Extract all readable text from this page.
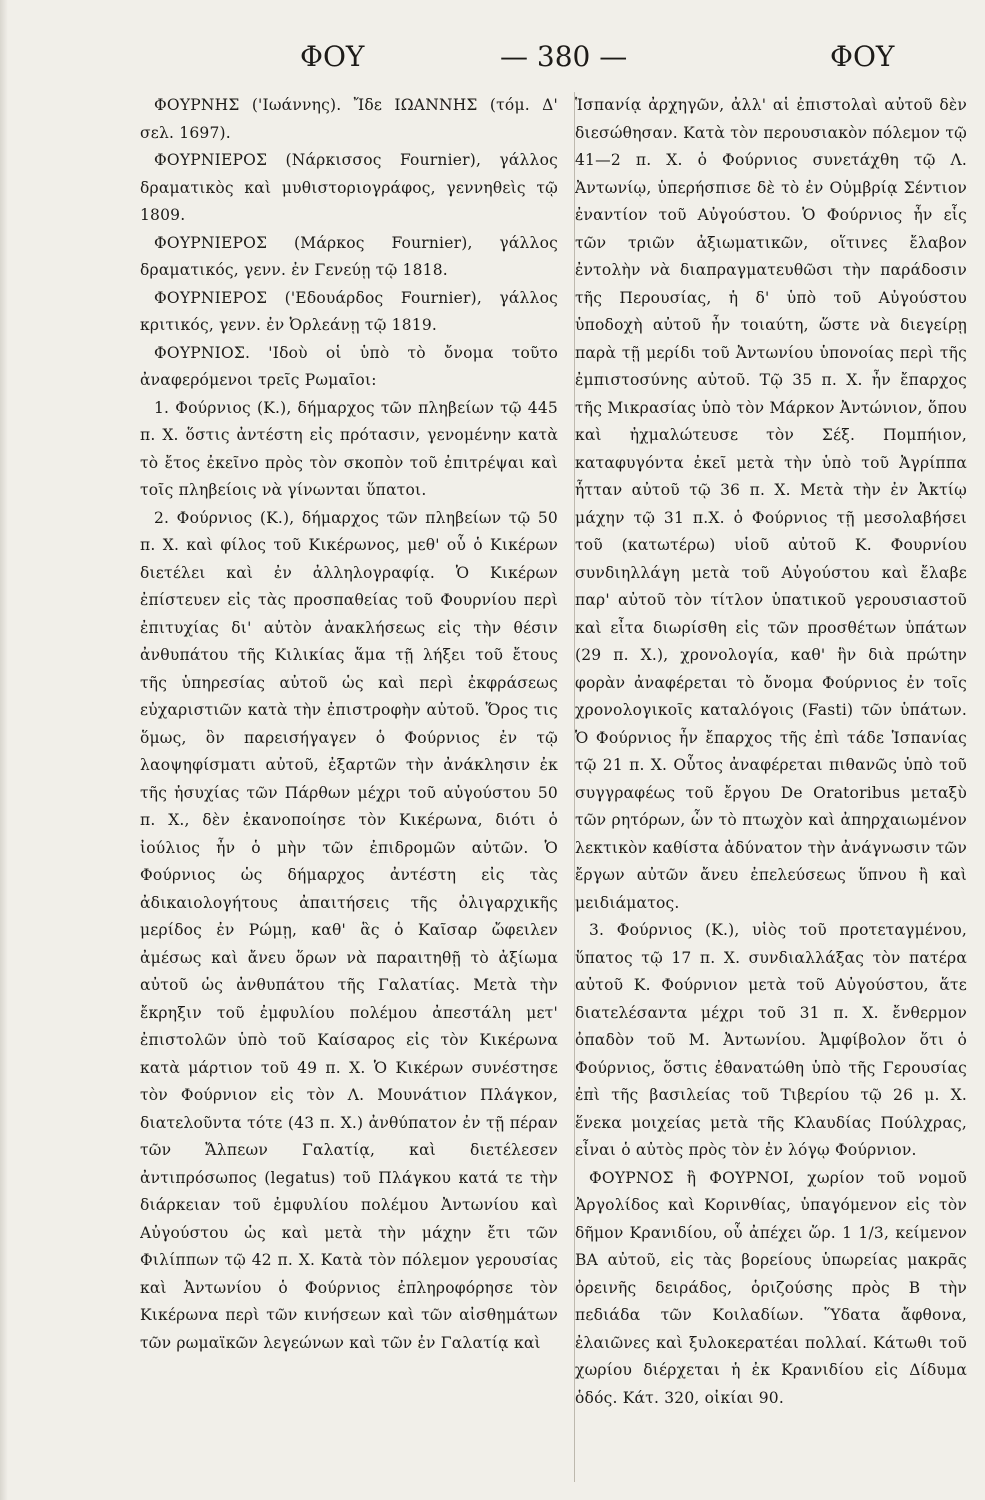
ΦΟΥ	— 380 —	ΦΟΥ

ΦΟΥΡΝΗΣ ('Ιωάννης). Ἴδε ΙΩΑΝΝΗΣ (τόμ. Δ' σελ. 1697).

ΦΟΥΡΝΙΕΡΟΣ (Νάρκισσος Fournier), γάλλος δραματικὸς καὶ μυθιστοριογράφος, γεννηθεὶς τῷ 1809.

ΦΟΥΡΝΙΕΡΟΣ (Μάρκος Fournier), γάλλος δραματικός, γενν. ἐν Γενεύῃ τῷ 1818.

ΦΟΥΡΝΙΕΡΟΣ ('Εδουάρδος Fournier), γάλλος κριτικός, γενν. ἐν Ὀρλεάνῃ τῷ 1819.

ΦΟΥΡΝΙΟΣ. 'Ιδοὺ οἱ ὑπὸ τὸ ὄνομα τοῦτο ἀναφερόμενοι τρεῖς Ρωμαῖοι:

1. Φούρνιος (Κ.), δήμαρχος τῶν πληβείων τῷ 445 π. Χ. ὅστις ἀντέστη εἰς πρότασιν, γενομένην κατὰ τὸ ἔτος ἐκεῖνο πρὸς τὸν σκοπὸν τοῦ ἐπιτρέψαι καὶ τοῖς πληβείοις νὰ γίνωνται ὕπατοι.

2. Φούρνιος (Κ.), δήμαρχος τῶν πληβείων τῷ 50 π. Χ. καὶ φίλος τοῦ Κικέρωνος, μεθ' οὗ ὁ Κικέρων διετέλει καὶ ἐν ἀλληλογραφίᾳ. Ὁ Κικέρων ἐπίστευεν εἰς τὰς προσπαθείας τοῦ Φουρνίου περὶ ἐπιτυχίας δι' αὐτὸν ἀνακλήσεως εἰς τὴν θέσιν ἀνθυπάτου τῆς Κιλικίας ἅμα τῇ λήξει τοῦ ἔτους τῆς ὑπηρεσίας αὐτοῦ ὡς καὶ περὶ ἐκφράσεως εὐχαριστιῶν κατὰ τὴν ἐπιστροφὴν αὐτοῦ. Ὅρος τις ὅμως, ὃν παρεισήγαγεν ὁ Φούρνιος ἐν τῷ λαοψηφίσματι αὐτοῦ, ἐξαρτῶν τὴν ἀνάκλησιν ἐκ τῆς ἡσυχίας τῶν Πάρθων μέχρι τοῦ αὐγούστου 50 π. Χ., δὲν ἐκανοποίησε τὸν Κικέρωνα, διότι ὁ ἰούλιος ἦν ὁ μὴν τῶν ἐπιδρομῶν αὐτῶν. Ὁ Φούρνιος ὡς δήμαρχος ἀντέστη εἰς τὰς ἀδικαιολογήτους ἀπαιτήσεις τῆς ὀλιγαρχικῆς μερίδος ἐν Ρώμῃ, καθ' ἃς ὁ Καῖσαρ ὤφειλεν ἀμέσως καὶ ἄνευ ὅρων νὰ παραιτηθῇ τὸ ἀξίωμα αὐτοῦ ὡς ἀνθυπάτου τῆς Γαλατίας. Μετὰ τὴν ἔκρηξιν τοῦ ἐμφυλίου πολέμου ἀπεστάλη μετ' ἐπιστολῶν ὑπὸ τοῦ Καίσαρος εἰς τὸν Κικέρωνα κατὰ μάρτιον τοῦ 49 π. Χ. Ὁ Κικέρων συνέστησε τὸν Φούρνιον εἰς τὸν Λ. Μουνάτιον Πλάγκον, διατελοῦντα τότε (43 π. Χ.) ἀνθύπατον ἐν τῇ πέραν τῶν Ἄλπεων Γαλατίᾳ, καὶ διετέλεσεν ἀντιπρόσωπος (legatus) τοῦ Πλάγκου κατά τε τὴν διάρκειαν τοῦ ἐμφυλίου πολέμου Ἀντωνίου καὶ Αὐγούστου ὡς καὶ μετὰ τὴν μάχην ἔτι τῶν Φιλίππων τῷ 42 π. Χ. Κατὰ τὸν πόλεμον γερουσίας καὶ Ἀντωνίου ὁ Φούρνιος ἐπληροφόρησε τὸν Κικέρωνα περὶ τῶν κινήσεων καὶ τῶν αἰσθημάτων τῶν ρωμαϊκῶν λεγεώνων καὶ τῶν ἐν Γαλατίᾳ καὶ

Ἱσπανίᾳ ἀρχηγῶν, ἀλλ' αἱ ἐπιστολαὶ αὐτοῦ δὲν διεσώθησαν. Κατὰ τὸν περουσιακὸν πόλεμον τῷ 41—2 π. Χ. ὁ Φούρνιος συνετάχθη τῷ Λ. Ἀντωνίῳ, ὑπερήσπισε δὲ τὸ ἐν Οὐμβρίᾳ Σέντιον ἐναντίον τοῦ Αὐγούστου. Ὁ Φούρνιος ἦν εἷς τῶν τριῶν ἀξιωματικῶν, οἵτινες ἔλαβον ἐντολὴν νὰ διαπραγματευθῶσι τὴν παράδοσιν τῆς Περουσίας, ἡ δ' ὑπὸ τοῦ Αὐγούστου ὑποδοχὴ αὐτοῦ ἦν τοιαύτη, ὥστε νὰ διεγείρῃ παρὰ τῇ μερίδι τοῦ Ἀντωνίου ὑπονοίας περὶ τῆς ἐμπιστοσύνης αὐτοῦ. Τῷ 35 π. Χ. ἦν ἔπαρχος τῆς Μικρασίας ὑπὸ τὸν Μάρκον Ἀντώνιον, ὅπου καὶ ἠχμαλώτευσε τὸν Σέξ. Πομπήιον, καταφυγόντα ἐκεῖ μετὰ τὴν ὑπὸ τοῦ Ἀγρίππα ἧτταν αὐτοῦ τῷ 36 π. Χ. Μετὰ τὴν ἐν Ἀκτίῳ μάχην τῷ 31 π.Χ. ὁ Φούρνιος τῇ μεσολαβήσει τοῦ (κατωτέρω) υἱοῦ αὐτοῦ Κ. Φουρνίου συνδιηλλάγη μετὰ τοῦ Αὐγούστου καὶ ἔλαβε παρ' αὐτοῦ τὸν τίτλον ὑπατικοῦ γερουσιαστοῦ καὶ εἶτα διωρίσθη εἰς τῶν προσθέτων ὑπάτων (29 π. Χ.), χρονολογία, καθ' ἣν διὰ πρώτην φορὰν ἀναφέρεται τὸ ὄνομα Φούρνιος ἐν τοῖς χρονολογικοῖς καταλόγοις (Fasti) τῶν ὑπάτων. Ὁ Φούρνιος ἦν ἔπαρχος τῆς ἐπὶ τάδε Ἱσπανίας τῷ 21 π. Χ. Οὗτος ἀναφέρεται πιθανῶς ὑπὸ τοῦ συγγραφέως τοῦ ἔργου De Oratoribus μεταξὺ τῶν ρητόρων, ὧν τὸ πτωχὸν καὶ ἀπηρχαιωμένον λεκτικὸν καθίστα ἀδύνατον τὴν ἀνάγνωσιν τῶν ἔργων αὐτῶν ἄνευ ἐπελεύσεως ὕπνου ἢ καὶ μειδιάματος.

3. Φούρνιος (Κ.), υἱὸς τοῦ προτεταγμένου, ὕπατος τῷ 17 π. Χ. συνδιαλλάξας τὸν πατέρα αὐτοῦ Κ. Φούρνιον μετὰ τοῦ Αὐγούστου, ἅτε διατελέσαντα μέχρι τοῦ 31 π. Χ. ἔνθερμον ὀπαδὸν τοῦ Μ. Ἀντωνίου. Ἀμφίβολον ὅτι ὁ Φούρνιος, ὅστις ἐθανατώθη ὑπὸ τῆς Γερουσίας ἐπὶ τῆς βασιλείας τοῦ Τιβερίου τῷ 26 μ. Χ. ἕνεκα μοιχείας μετὰ τῆς Κλαυδίας Πούλχρας, εἶναι ὁ αὐτὸς πρὸς τὸν ἐν λόγῳ Φούρνιον.

ΦΟΥΡΝΟΣ ἢ ΦΟΥΡΝΟΙ, χωρίον τοῦ νομοῦ Ἀργολίδος καὶ Κορινθίας, ὑπαγόμενον εἰς τὸν δῆμον Κρανιδίου, οὗ ἀπέχει ὥρ. 1 1/3, κείμενον ΒΑ αὐτοῦ, εἰς τὰς βορείους ὑπωρείας μακρᾶς ὀρεινῆς δειράδος, ὁριζούσης πρὸς Β τὴν πεδιάδα τῶν Κοιλαδίων. Ὕδατα ἄφθονα, ἐλαιῶνες καὶ ξυλοκερατέαι πολλαί. Κάτωθι τοῦ χωρίου διέρχεται ἡ ἐκ Κρανιδίου εἰς Δίδυμα ὁδός. Κάτ. 320, οἰκίαι 90.
